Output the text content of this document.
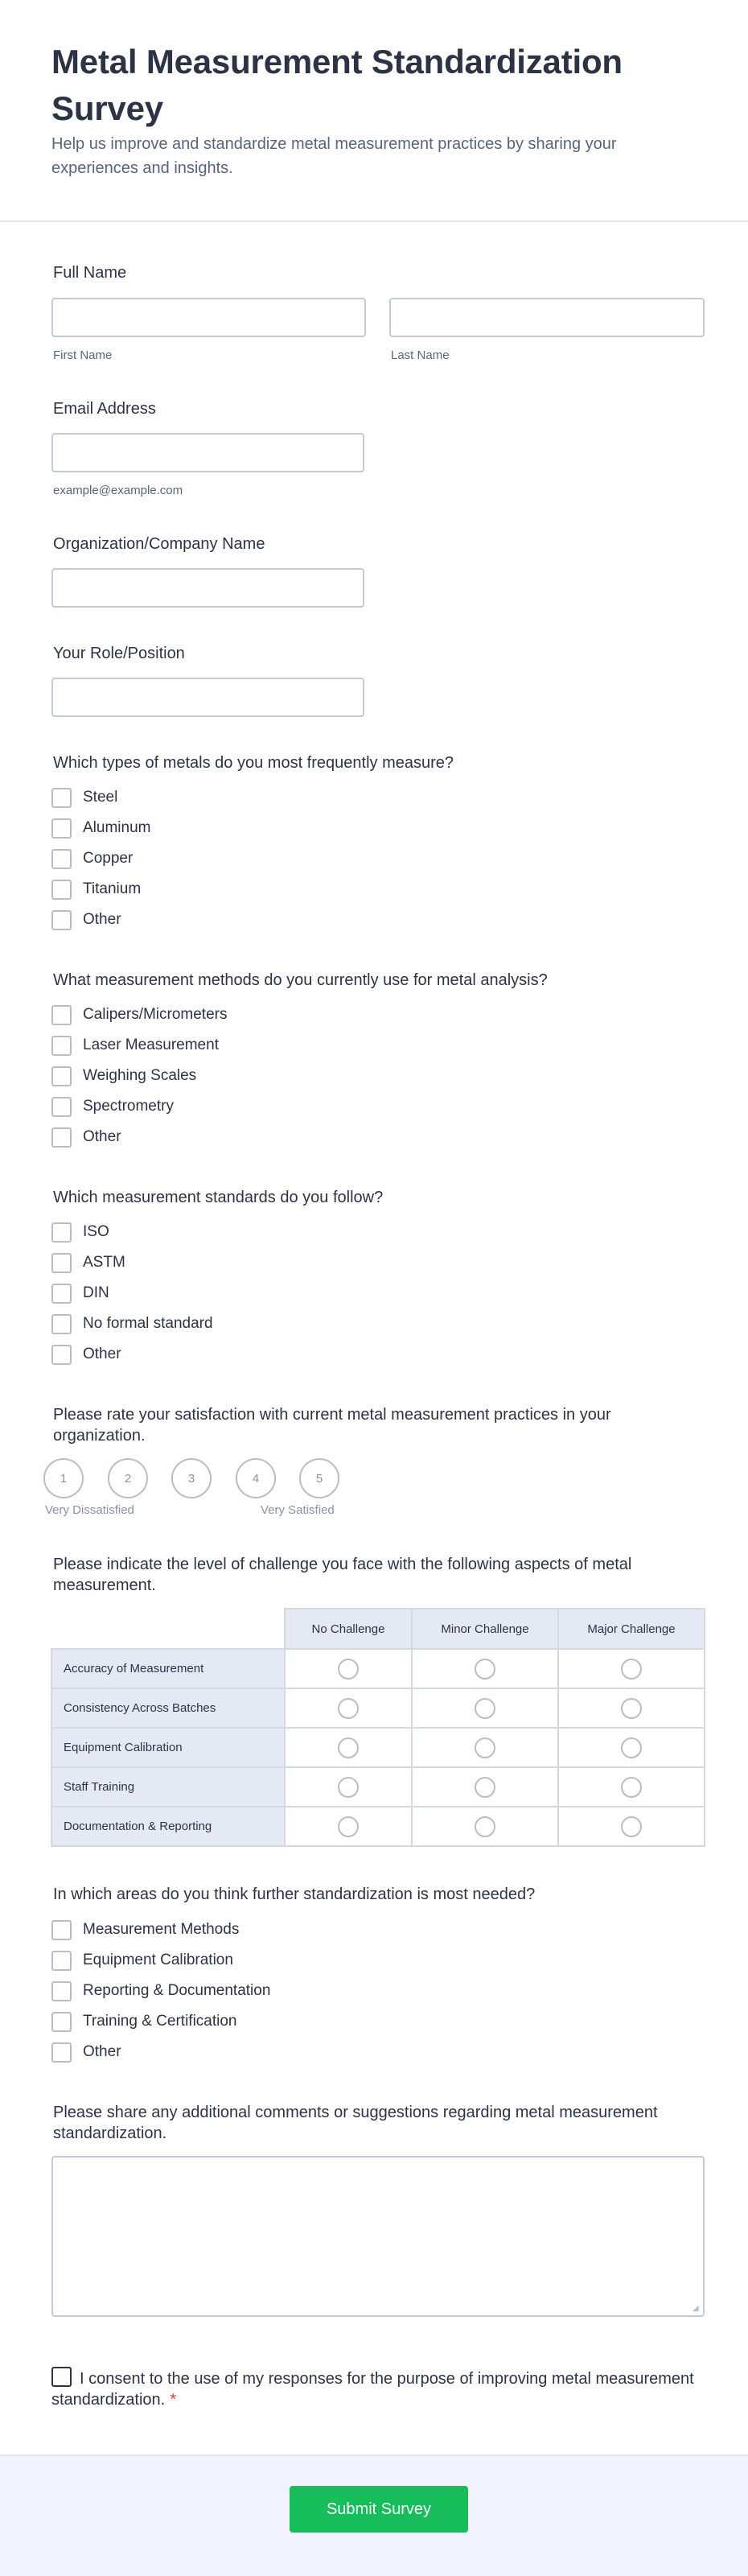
Metal Measurement Standardization Survey

Help us improve and standardize metal measurement practices by sharing your experiences and insights.

Full Name
First Name	Last Name
Email Address
example@example.com
Organization/Company Name
Your Role/Position
Which types of metals do you most frequently measure?
Steel
Aluminum
Copper
Titanium
Other
What measurement methods do you currently use for metal analysis?
Calipers/Micrometers
Laser Measurement
Weighing Scales
Spectrometry
Other
Which measurement standards do you follow?
ISO
ASTM
DIN
No formal standard
Other
Please rate your satisfaction with current metal measurement practices in your organization.
1	2	3	4	5
Very Dissatisfied	Very Satisfied
Please indicate the level of challenge you face with the following aspects of metal measurement.
	No Challenge	Minor Challenge	Major Challenge
Accuracy of Measurement			
Consistency Across Batches			
Equipment Calibration			
Staff Training			
Documentation & Reporting			
In which areas do you think further standardization is most needed?
Measurement Methods
Equipment Calibration
Reporting & Documentation
Training & Certification
Other
Please share any additional comments or suggestions regarding metal measurement standardization.
◢
I consent to the use of my responses for the purpose of improving metal measurement standardization. *
Submit Survey
